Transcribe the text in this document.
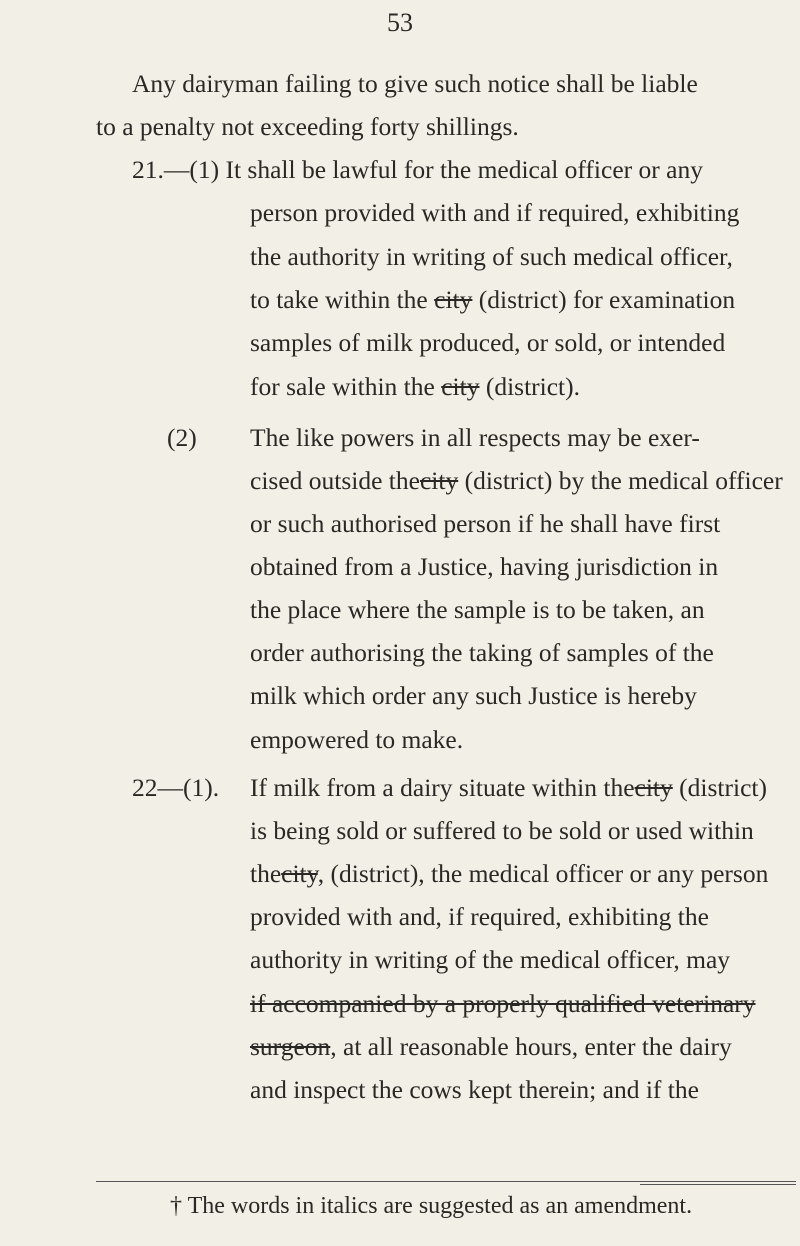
53
Any dairyman failing to give such notice shall be liable
to a penalty not exceeding forty shillings.
21.—(1) It shall be lawful for the medical officer or any
person provided with and if required, exhibiting
the authority in writing of such medical officer,
to take within the city (district) for examination
samples of milk produced, or sold, or intended
for sale within the city (district).
(2) The like powers in all respects may be exer-
cised outside thecity (district) by the medical officer
or such authorised person if he shall have first
obtained from a Justice, having jurisdiction in
the place where the sample is to be taken, an
order authorising the taking of samples of the
milk which order any such Justice is hereby
empowered to make.
22—(1). If milk from a dairy situate within thecity (district)
is being sold or suffered to be sold or used within
thecity, (district), the medical officer or any person
provided with and, if required, exhibiting the
authority in writing of the medical officer, may
if accompanied by a properly qualified veterinary
surgeon, at all reasonable hours, enter the dairy
and inspect the cows kept therein; and if the
† The words in italics are suggested as an amendment.
